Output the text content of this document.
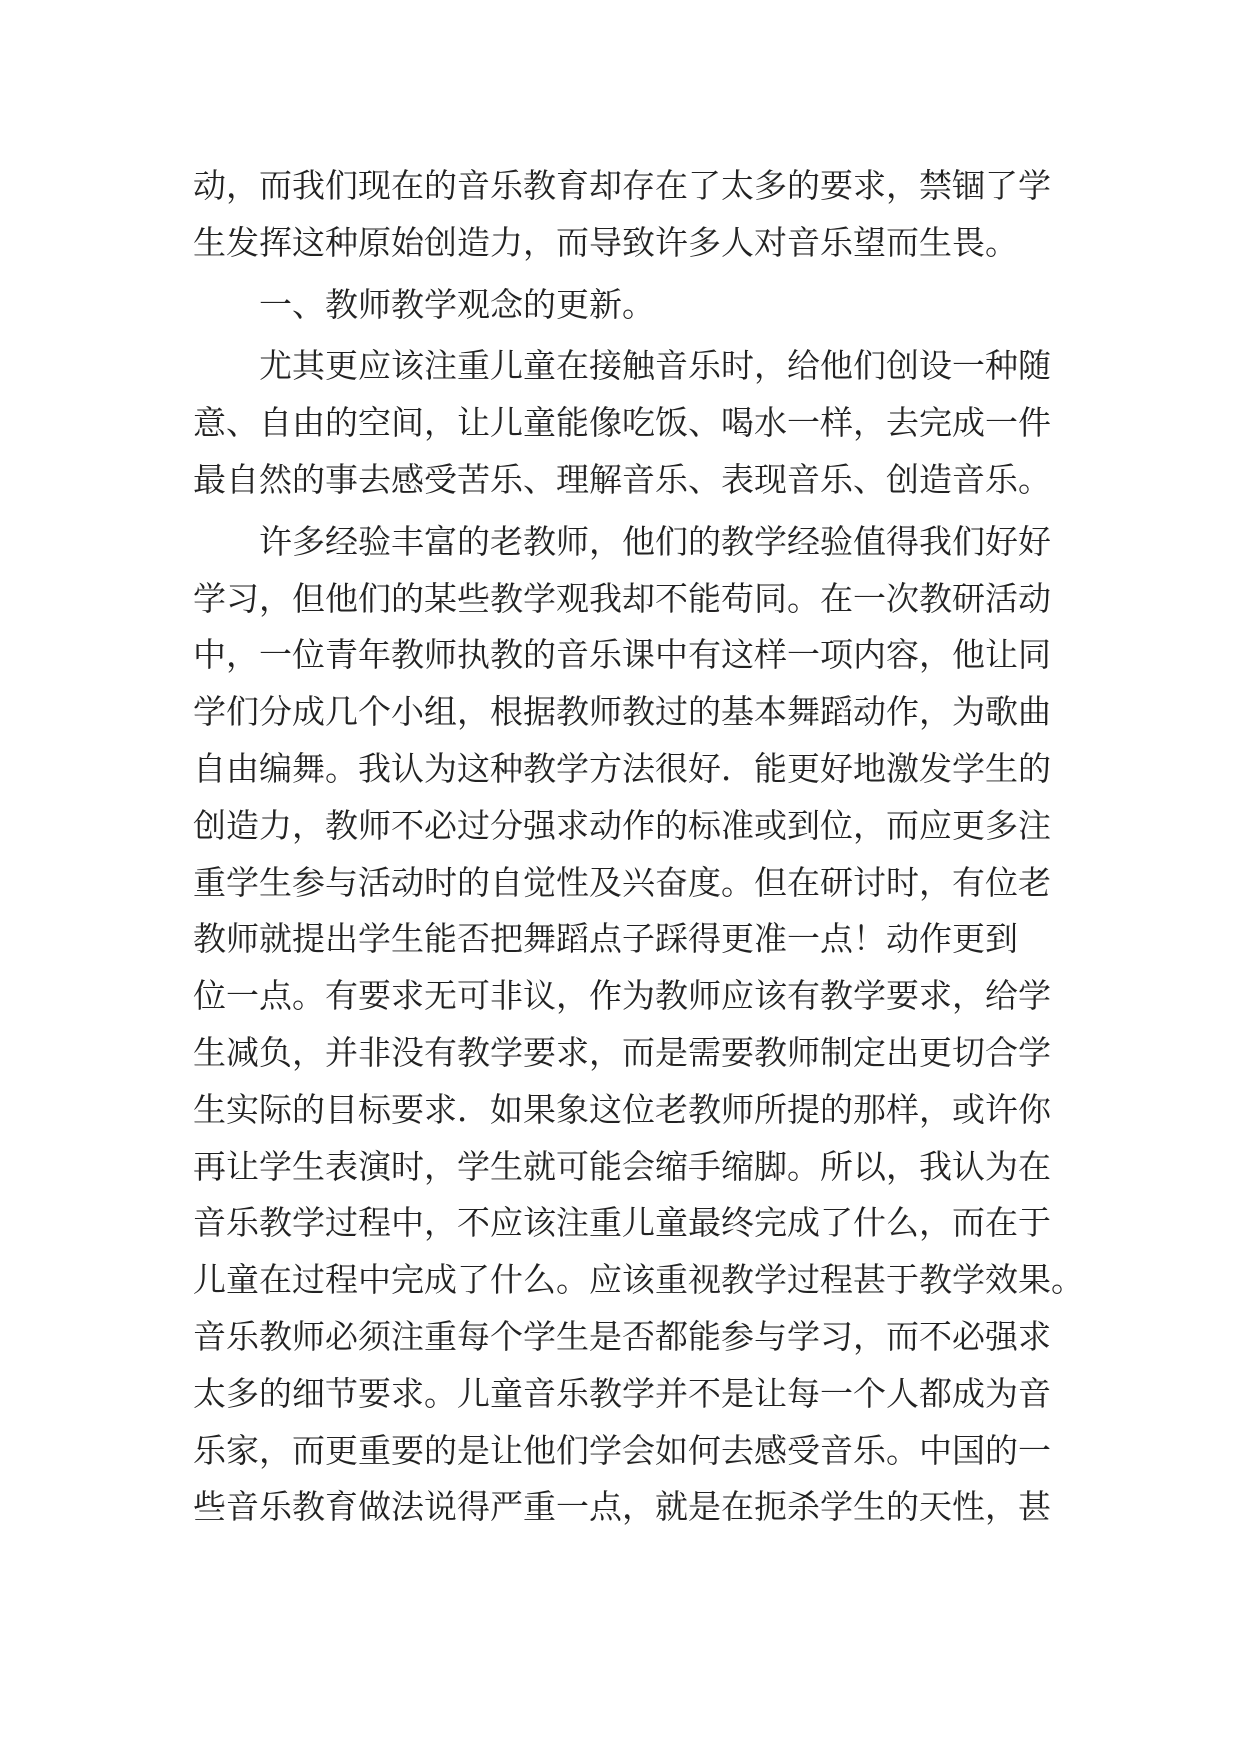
动，而我们现在的音乐教育却存在了太多的要求，禁锢了学
生发挥这种原始创造力，而导致许多人对音乐望而生畏。
一、教师教学观念的更新。
尤其更应该注重儿童在接触音乐时，给他们创设一种随
意、自由的空间，让儿童能像吃饭、喝水一样，去完成一件
最自然的事去感受苦乐、理解音乐、表现音乐、创造音乐。
许多经验丰富的老教师，他们的教学经验值得我们好好
学习，但他们的某些教学观我却不能苟同。在一次教研活动
中，一位青年教师执教的音乐课中有这样一项内容，他让同
学们分成几个小组，根据教师教过的基本舞蹈动作，为歌曲
自由编舞。我认为这种教学方法很好．能更好地激发学生的
创造力，教师不必过分强求动作的标准或到位，而应更多注
重学生参与活动时的自觉性及兴奋度。但在研讨时，有位老
教师就提出学生能否把舞蹈点子踩得更准一点！动作更到
位一点。有要求无可非议，作为教师应该有教学要求，给学
生减负，并非没有教学要求，而是需要教师制定出更切合学
生实际的目标要求．如果象这位老教师所提的那样，或许你
再让学生表演时，学生就可能会缩手缩脚。所以，我认为在
音乐教学过程中，不应该注重儿童最终完成了什么，而在于
儿童在过程中完成了什么。应该重视教学过程甚于教学效果。
音乐教师必须注重每个学生是否都能参与学习，而不必强求
太多的细节要求。儿童音乐教学并不是让每一个人都成为音
乐家，而更重要的是让他们学会如何去感受音乐。中国的一
些音乐教育做法说得严重一点，就是在扼杀学生的天性，甚
